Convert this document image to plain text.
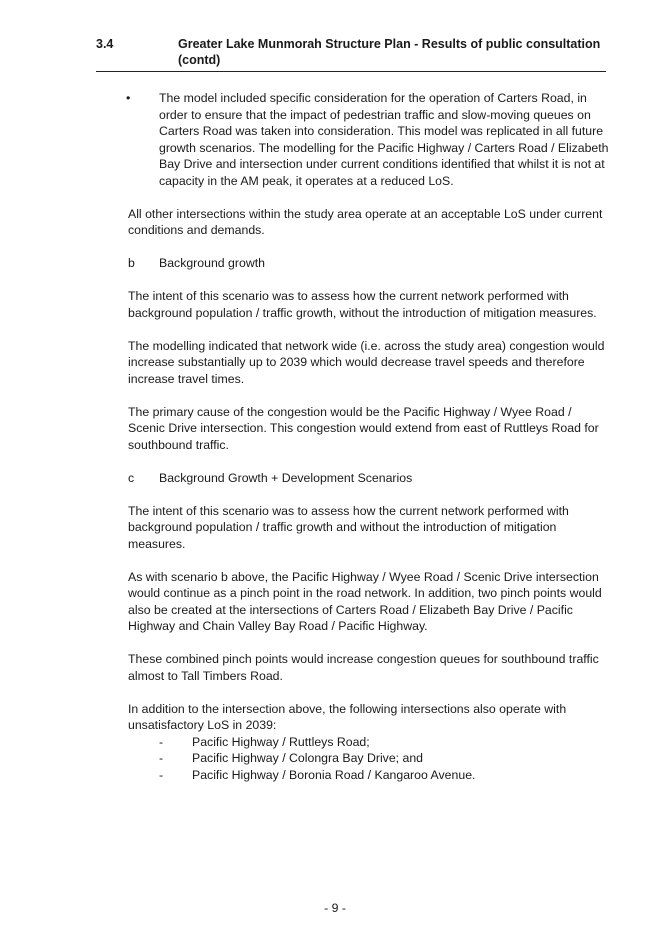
3.4	Greater Lake Munmorah Structure Plan - Results of public consultation (contd)
•	The model included specific consideration for the operation of Carters Road, in order to ensure that the impact of pedestrian traffic and slow-moving queues on Carters Road was taken into consideration. This model was replicated in all future growth scenarios. The modelling for the Pacific Highway / Carters Road / Elizabeth Bay Drive and intersection under current conditions identified that whilst it is not at capacity in the AM peak, it operates at a reduced LoS.

All other intersections within the study area operate at an acceptable LoS under current conditions and demands.

b	Background growth

The intent of this scenario was to assess how the current network performed with background population / traffic growth, without the introduction of mitigation measures.

The modelling indicated that network wide (i.e. across the study area) congestion would increase substantially up to 2039 which would decrease travel speeds and therefore increase travel times.

The primary cause of the congestion would be the Pacific Highway / Wyee Road / Scenic Drive intersection. This congestion would extend from east of Ruttleys Road for southbound traffic.

c	Background Growth + Development Scenarios

The intent of this scenario was to assess how the current network performed with background population / traffic growth and without the introduction of mitigation measures.

As with scenario b above, the Pacific Highway / Wyee Road / Scenic Drive intersection would continue as a pinch point in the road network. In addition, two pinch points would also be created at the intersections of Carters Road / Elizabeth Bay Drive / Pacific Highway and Chain Valley Bay Road / Pacific Highway.

These combined pinch points would increase congestion queues for southbound traffic almost to Tall Timbers Road.

In addition to the intersection above, the following intersections also operate with unsatisfactory LoS in 2039:

-	Pacific Highway / Ruttleys Road;
-	Pacific Highway / Colongra Bay Drive; and
-	Pacific Highway / Boronia Road / Kangaroo Avenue.
- 9 -
